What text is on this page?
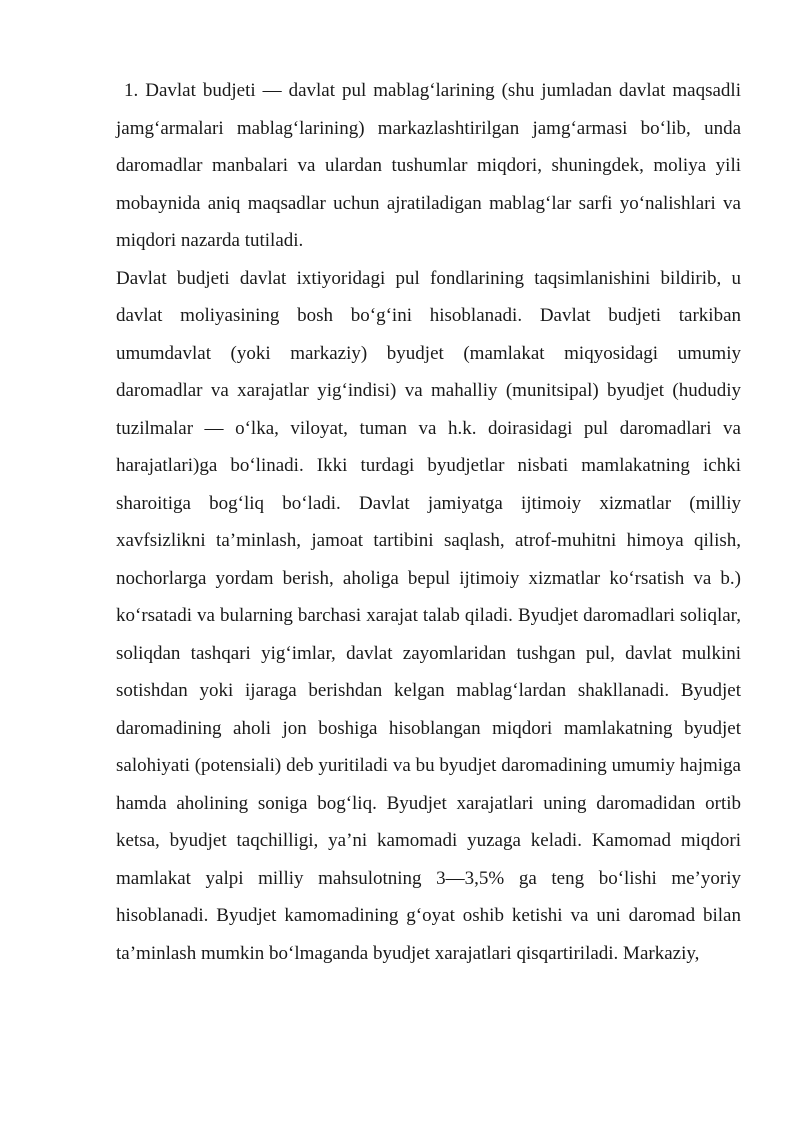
1. Davlat budjeti — davlat pul mablag‘larining (shu jumladan davlat maqsadli jamg‘armalari mablag‘larining) markazlashtirilgan jamg‘armasi bo‘lib, unda daromadlar manbalari va ulardan tushumlar miqdori, shuningdek, moliya yili mobaynida aniq maqsadlar uchun ajratiladigan mablag‘lar sarfi yo‘nalishlari va miqdori nazarda tutiladi.

Davlat budjeti davlat ixtiyoridagi pul fondlarining taqsimlanishini bildirib, u davlat moliyasining bosh bo‘g‘ini hisoblanadi. Davlat budjeti tarkiban umumdavlat (yoki markaziy) byudjet (mamlakat miqyosidagi umumiy daromadlar va xarajatlar yig‘indisi) va mahalliy (munitsipal) byudjet (hududiy tuzilmalar — o‘lka, viloyat, tuman va h.k. doirasidagi pul daromadlari va harajatlari)ga bo‘linadi. Ikki turdagi byudjetlar nisbati mamlakatning ichki sharoitiga bog‘liq bo‘ladi. Davlat jamiyatga ijtimoiy xizmatlar (milliy xavfsizlikni ta’minlash, jamoat tartibini saqlash, atrof-muhitni himoya qilish, nochorlarga yordam berish, aholiga bepul ijtimoiy xizmatlar ko‘rsatish va b.) ko‘rsatadi va bularning barchasi xarajat talab qiladi. Byudjet daromadlari soliqlar, soliqdan tashqari yig‘imlar, davlat zayomlaridan tushgan pul, davlat mulkini sotishdan yoki ijaraga berishdan kelgan mablag‘lardan shakllanadi. Byudjet daromadining aholi jon boshiga hisoblangan miqdori mamlakatning byudjet salohiyati (potensiali) deb yuritiladi va bu byudjet daromadining umumiy hajmiga hamda aholining soniga bog‘liq. Byudjet xarajatlari uning daromadidan ortib ketsa, byudjet taqchilligi, ya’ni kamomadi yuzaga keladi. Kamomad miqdori mamlakat yalpi milliy mahsulotning 3—3,5% ga teng bo‘lishi me’yoriy hisoblanadi. Byudjet kamomadining g‘oyat oshib ketishi va uni daromad bilan ta’minlash mumkin bo‘lmaganda byudjet xarajatlari qisqartiriladi. Markaziy,
